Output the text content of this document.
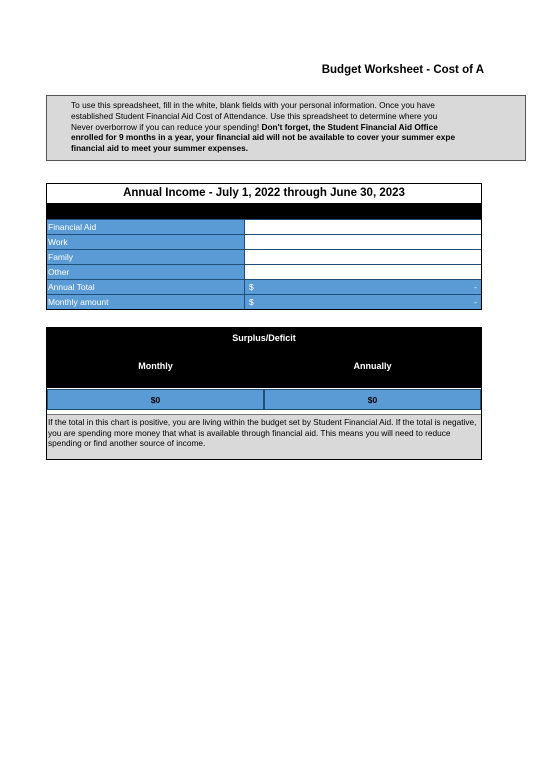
Budget Worksheet - Cost of A
To use this spreadsheet, fill in the white, blank fields with your personal information. Once you have
established Student Financial Aid Cost of Attendance. Use this spreadsheet to determine where you
Never overborrow if you can reduce your spending! Don't forget, the Student Financial Aid Office
enrolled for 9 months in a year, your financial aid will not be available to cover your summer expe
financial aid to meet your summer expenses.
Annual Income - July 1, 2022 through June 30, 2023
Financial Aid
Work
Family
Other
Annual Total	$	-
Monthly amount	$	-
Surplus/Deficit
Monthly	Annually
$0	$0
If the total in this chart is positive, you are living within the budget set by Student Financial Aid. If the total is negative, you are spending more money that what is available through financial aid. This means you will need to reduce spending or find another source of income.
